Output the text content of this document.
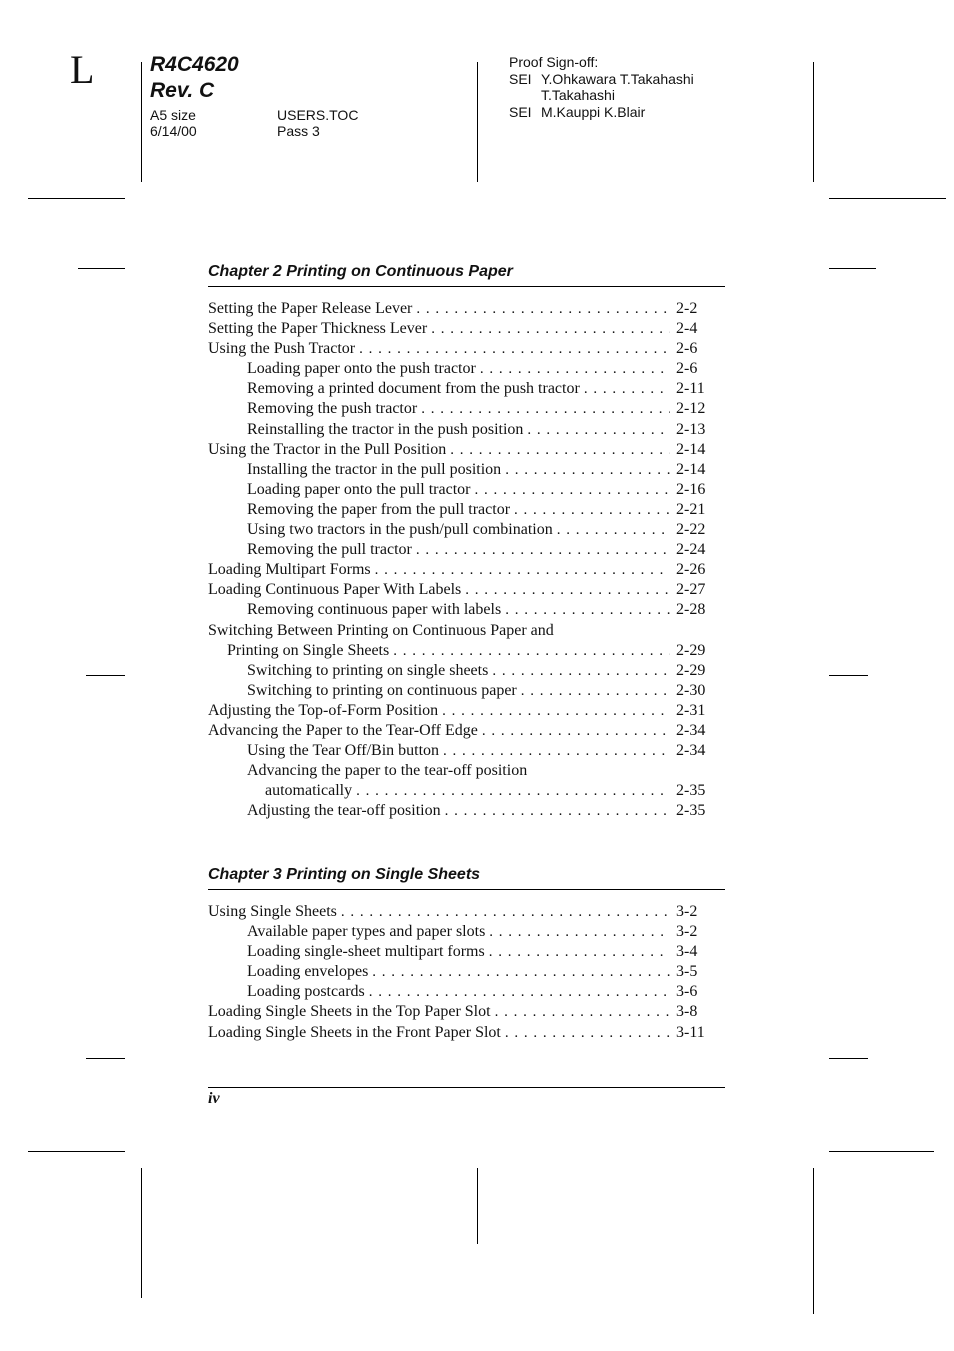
L	R4C4620
Rev. C
A5 size	USERS.TOC
6/14/00	Pass 3
Proof Sign-off:
SEI Y.Ohkawara T.Takahashi
T.Takahashi
SEI M.Kauppi K.Blair
Chapter 2 Printing on Continuous Paper
Setting the Paper Release Lever . . .	2-2
Setting the Paper Thickness Lever . . .	2-4
Using the Push Tractor . . .	2-6
Loading paper onto the push tractor . . .	2-6
Removing a printed document from the push tractor . . .	2-11
Removing the push tractor . . .	2-12
Reinstalling the tractor in the push position . . .	2-13
Using the Tractor in the Pull Position . . .	2-14
Installing the tractor in the pull position . . .	2-14
Loading paper onto the pull tractor . . .	2-16
Removing the paper from the pull tractor . . .	2-21
Using two tractors in the push/pull combination . . .	2-22
Removing the pull tractor . . .	2-24
Loading Multipart Forms . . .	2-26
Loading Continuous Paper With Labels . . .	2-27
Removing continuous paper with labels . . .	2-28
Switching Between Printing on Continuous Paper and
Printing on Single Sheets . . .	2-29
Switching to printing on single sheets . . .	2-29
Switching to printing on continuous paper . . .	2-30
Adjusting the Top-of-Form Position . . .	2-31
Advancing the Paper to the Tear-Off Edge . . .	2-34
Using the Tear Off/Bin button . . .	2-34
Advancing the paper to the tear-off position
automatically . . .	2-35
Adjusting the tear-off position . . .	2-35
Chapter 3 Printing on Single Sheets
Using Single Sheets . . .	3-2
Available paper types and paper slots . . .	3-2
Loading single-sheet multipart forms . . .	3-4
Loading envelopes . . .	3-5
Loading postcards . . .	3-6
Loading Single Sheets in the Top Paper Slot . . .	3-8
Loading Single Sheets in the Front Paper Slot . . .	3-11
iv
